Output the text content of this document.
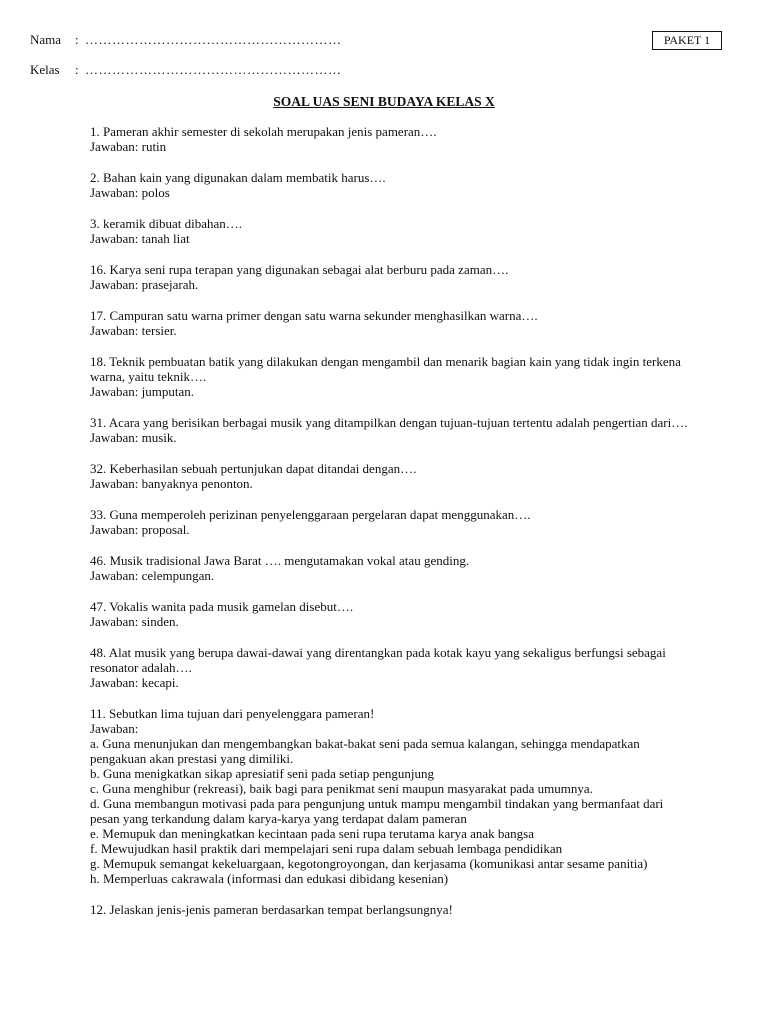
Nama	: …………………………………………………
Kelas	: …………………………………………………
PAKET 1
SOAL UAS SENI BUDAYA KELAS X

1. Pameran akhir semester di sekolah merupakan jenis pameran….

Jawaban: rutin

2. Bahan kain yang digunakan dalam membatik harus….

Jawaban: polos

3. keramik dibuat dibahan….

Jawaban: tanah liat

16. Karya seni rupa terapan yang digunakan sebagai alat berburu pada zaman….

Jawaban: prasejarah.

17. Campuran satu warna primer dengan satu warna sekunder menghasilkan warna….

Jawaban: tersier.

18. Teknik pembuatan batik yang dilakukan dengan mengambil dan menarik bagian kain yang tidak ingin terkena warna, yaitu teknik….

Jawaban: jumputan.

31. Acara yang berisikan berbagai musik yang ditampilkan dengan tujuan-tujuan tertentu adalah pengertian dari….

Jawaban: musik.

32. Keberhasilan sebuah pertunjukan dapat ditandai dengan….

Jawaban: banyaknya penonton.

33. Guna memperoleh perizinan penyelenggaraan pergelaran dapat menggunakan….

Jawaban: proposal.

46. Musik tradisional Jawa Barat …. mengutamakan vokal atau gending.

Jawaban: celempungan.

47. Vokalis wanita pada musik gamelan disebut….

Jawaban: sinden.

48. Alat musik yang berupa dawai-dawai yang direntangkan pada kotak kayu yang sekaligus berfungsi sebagai resonator adalah….

Jawaban: kecapi.

11. Sebutkan lima tujuan dari penyelenggara pameran!

Jawaban:

a. Guna menunjukan dan mengembangkan bakat-bakat seni pada semua kalangan, sehingga mendapatkan pengakuan akan prestasi yang dimiliki.

b. Guna menigkatkan sikap apresiatif seni pada setiap pengunjung

c. Guna menghibur (rekreasi), baik bagi para penikmat seni maupun masyarakat pada umumnya.

d. Guna membangun motivasi pada para pengunjung untuk mampu mengambil tindakan yang bermanfaat dari pesan yang terkandung dalam karya-karya yang terdapat dalam pameran

e. Memupuk dan meningkatkan kecintaan pada seni rupa terutama karya anak bangsa

f. Mewujudkan hasil praktik dari mempelajari seni rupa dalam sebuah lembaga pendidikan

g. Memupuk semangat kekeluargaan, kegotongroyongan, dan kerjasama (komunikasi antar sesame panitia)

h. Memperluas cakrawala (informasi dan edukasi dibidang kesenian)

12. Jelaskan jenis-jenis pameran berdasarkan tempat berlangsungnya!
